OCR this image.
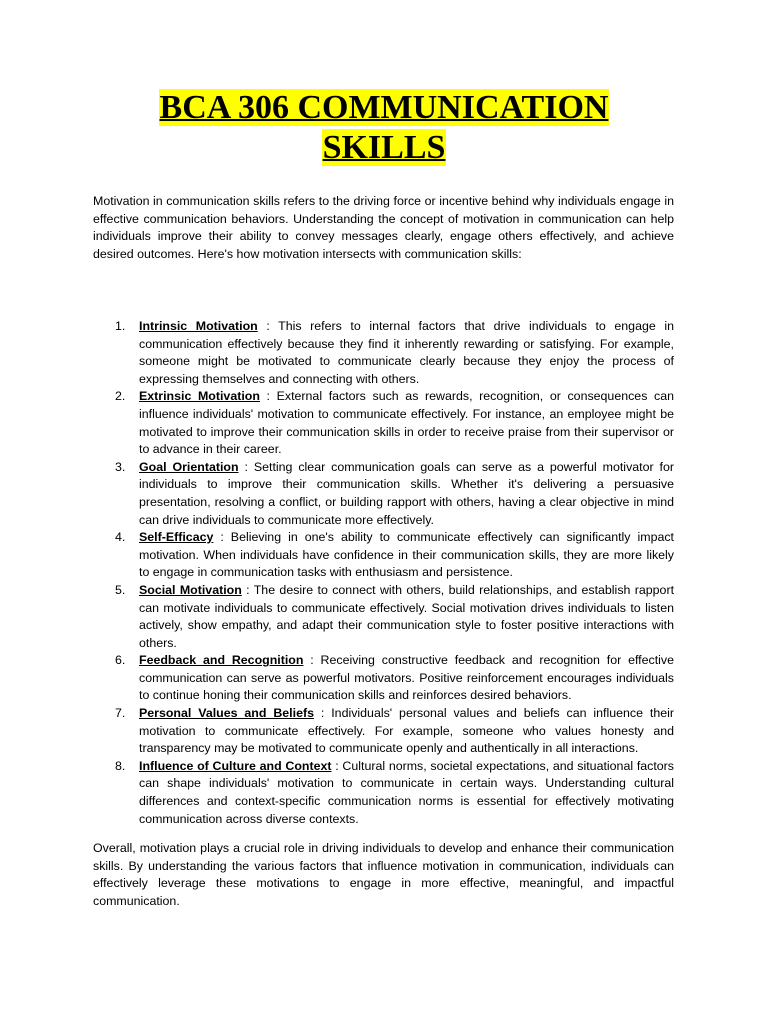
BCA 306 COMMUNICATION
SKILLS

Motivation in communication skills refers to the driving force or incentive behind why individuals engage in effective communication behaviors. Understanding the concept of motivation in communication can help individuals improve their ability to convey messages clearly, engage others effectively, and achieve desired outcomes. Here's how motivation intersects with communication skills:

1. Intrinsic Motivation : This refers to internal factors that drive individuals to engage in communication effectively because they find it inherently rewarding or satisfying. For example, someone might be motivated to communicate clearly because they enjoy the process of expressing themselves and connecting with others.
2. Extrinsic Motivation : External factors such as rewards, recognition, or consequences can influence individuals' motivation to communicate effectively. For instance, an employee might be motivated to improve their communication skills in order to receive praise from their supervisor or to advance in their career.
3. Goal Orientation : Setting clear communication goals can serve as a powerful motivator for individuals to improve their communication skills. Whether it's delivering a persuasive presentation, resolving a conflict, or building rapport with others, having a clear objective in mind can drive individuals to communicate more effectively.
4. Self-Efficacy : Believing in one's ability to communicate effectively can significantly impact motivation. When individuals have confidence in their communication skills, they are more likely to engage in communication tasks with enthusiasm and persistence.
5. Social Motivation : The desire to connect with others, build relationships, and establish rapport can motivate individuals to communicate effectively. Social motivation drives individuals to listen actively, show empathy, and adapt their communication style to foster positive interactions with others.
6. Feedback and Recognition : Receiving constructive feedback and recognition for effective communication can serve as powerful motivators. Positive reinforcement encourages individuals to continue honing their communication skills and reinforces desired behaviors.
7. Personal Values and Beliefs : Individuals' personal values and beliefs can influence their motivation to communicate effectively. For example, someone who values honesty and transparency may be motivated to communicate openly and authentically in all interactions.
8. Influence of Culture and Context : Cultural norms, societal expectations, and situational factors can shape individuals' motivation to communicate in certain ways. Understanding cultural differences and context-specific communication norms is essential for effectively motivating communication across diverse contexts.

Overall, motivation plays a crucial role in driving individuals to develop and enhance their communication skills. By understanding the various factors that influence motivation in communication, individuals can effectively leverage these motivations to engage in more effective, meaningful, and impactful communication.
